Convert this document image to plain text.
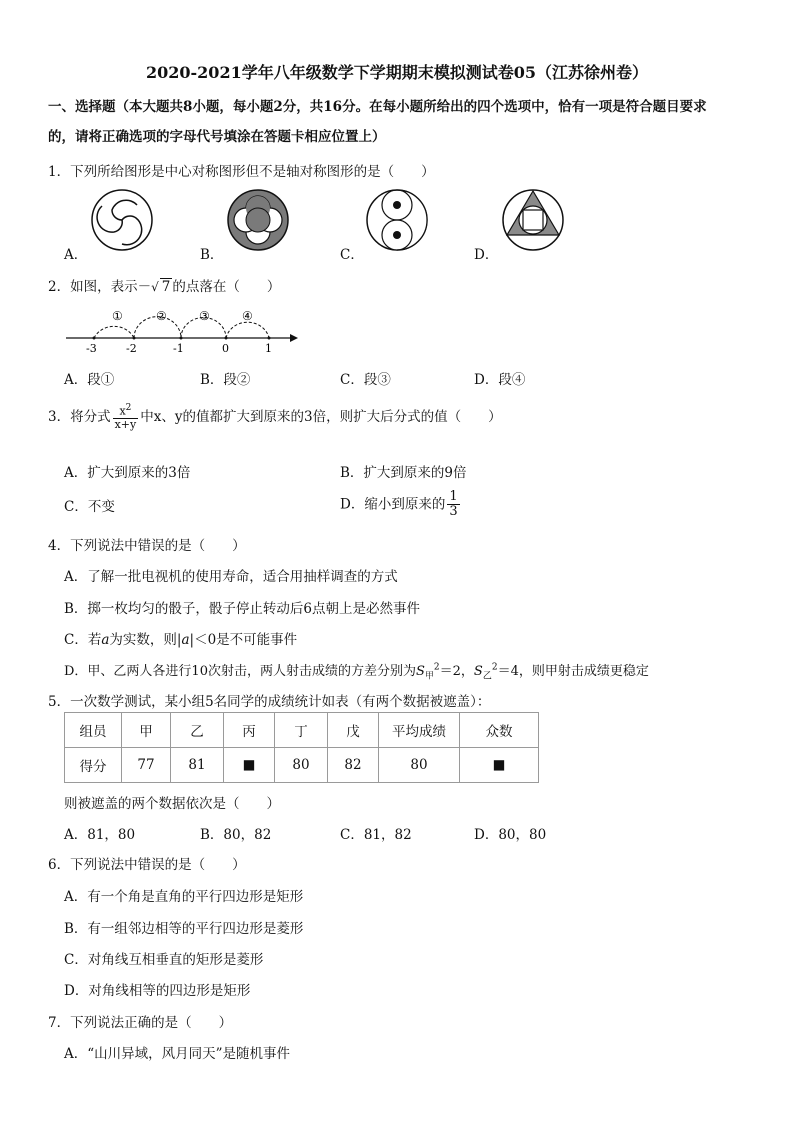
2020-2021学年八年级数学下学期期末模拟测试卷05（江苏徐州卷）
一、选择题（本大题共8小题，每小题2分，共16分。在每小题所给出的四个选项中，恰有一项是符合题目要求
的，请将正确选项的字母代号填涂在答题卡相应位置上）
1．下列所给图形是中心对称图形但不是轴对称图形的是（　　）
A．	B．	C．	D．
2．如图，表示－√ 7 的点落在（　　）
①	②	③	④
-3	-2	-1	0	1
A．段①	B．段②	C．段③	D．段④
3．将分式 $\frac{x^2}{x+y}$ 中x、y的值都扩大到原来的3倍，则扩大后分式的值（　　）
A．扩大到原来的3倍	B．扩大到原来的9倍
C．不变	D．缩小到原来的 $\frac{1}{3}$
4．下列说法中错误的是（　　）
A．了解一批电视机的使用寿命，适合用抽样调查的方式
B．掷一枚均匀的骰子，骰子停止转动后6点朝上是必然事件
C．若a为实数，则|a|＜0是不可能事件
D．甲、乙两人各进行10次射击，两人射击成绩的方差分别为$S_甲^2=2$，$S_乙^2=4$，则甲射击成绩更稳定
5．一次数学测试，某小组5名同学的成绩统计如表（有两个数据被遮盖）：
组员	甲	乙	丙	丁	戊	平均成绩	众数
得分	77	81	■	80	82	80	■
则被遮盖的两个数据依次是（　　）
A．81，80	B．80，82	C．81，82	D．80，80
6．下列说法中错误的是（　　）
A．有一个角是直角的平行四边形是矩形
B．有一组邻边相等的平行四边形是菱形
C．对角线互相垂直的矩形是菱形
D．对角线相等的四边形是矩形
7．下列说法正确的是（　　）
A．“山川异域，风月同天”是随机事件
